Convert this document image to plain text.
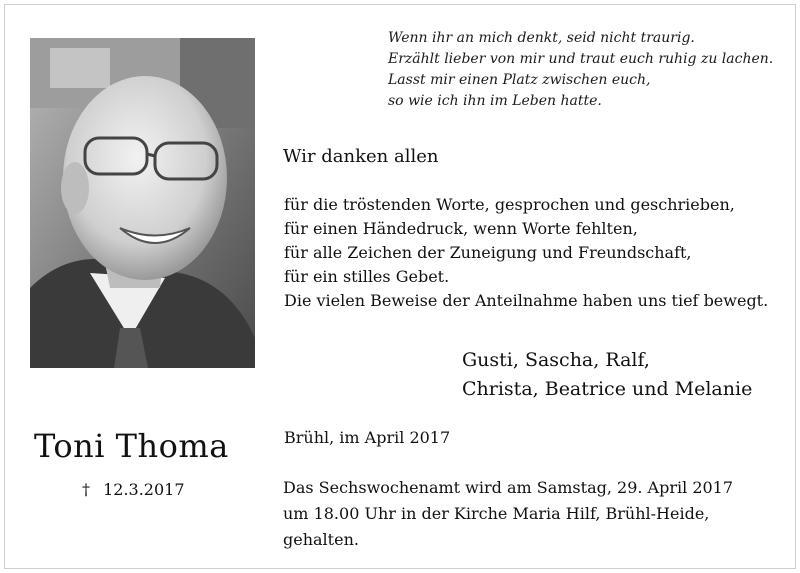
Wenn ihr an mich denkt, seid nicht traurig.
Erzählt lieber von mir und traut euch ruhig zu lachen.
Lasst mir einen Platz zwischen euch,
so wie ich ihn im Leben hatte.
Wir danken allen
für die tröstenden Worte, gesprochen und geschrieben,
für einen Händedruck, wenn Worte fehlten,
für alle Zeichen der Zuneigung und Freundschaft,
für ein stilles Gebet.
Die vielen Beweise der Anteilnahme haben uns tief bewegt.
Gusti, Sascha, Ralf,
Christa, Beatrice und Melanie
Toni Thoma
† 12.3.2017
Brühl, im April 2017
Das Sechswochenamt wird am Samstag, 29. April 2017
um 18.00 Uhr in der Kirche Maria Hilf, Brühl-Heide,
gehalten.
